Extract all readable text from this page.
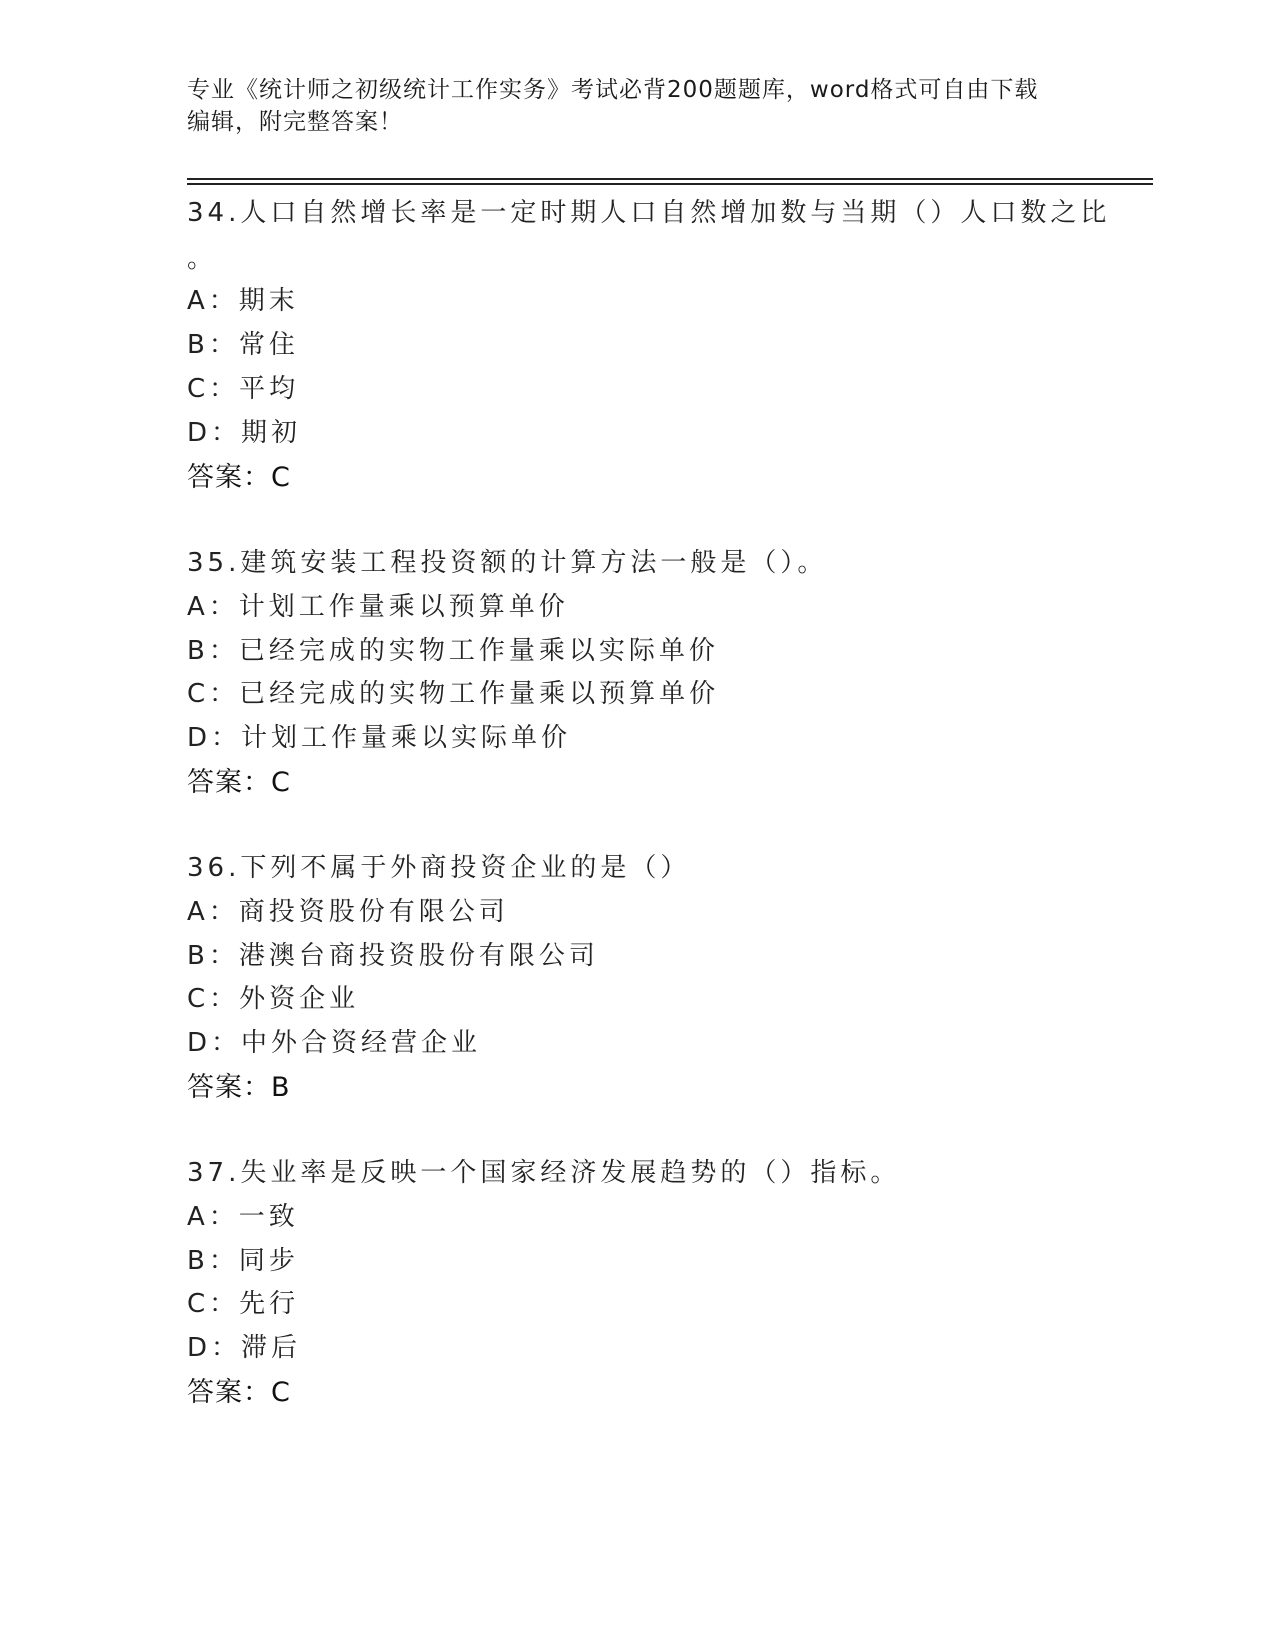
专业《统计师之初级统计工作实务》考试必背200题题库，word格式可自由下载
编辑，附完整答案！
34.人口自然增长率是一定时期人口自然增加数与当期（）人口数之比
。
A：期末
B：常住
C：平均
D：期初
答案：C
35.建筑安装工程投资额的计算方法一般是（）。
A：计划工作量乘以预算单价
B：已经完成的实物工作量乘以实际单价
C：已经完成的实物工作量乘以预算单价
D：计划工作量乘以实际单价
答案：C
36.下列不属于外商投资企业的是（）
A：商投资股份有限公司
B：港澳台商投资股份有限公司
C：外资企业
D：中外合资经营企业
答案：B
37.失业率是反映一个国家经济发展趋势的（）指标。
A：一致
B：同步
C：先行
D：滞后
答案：C
